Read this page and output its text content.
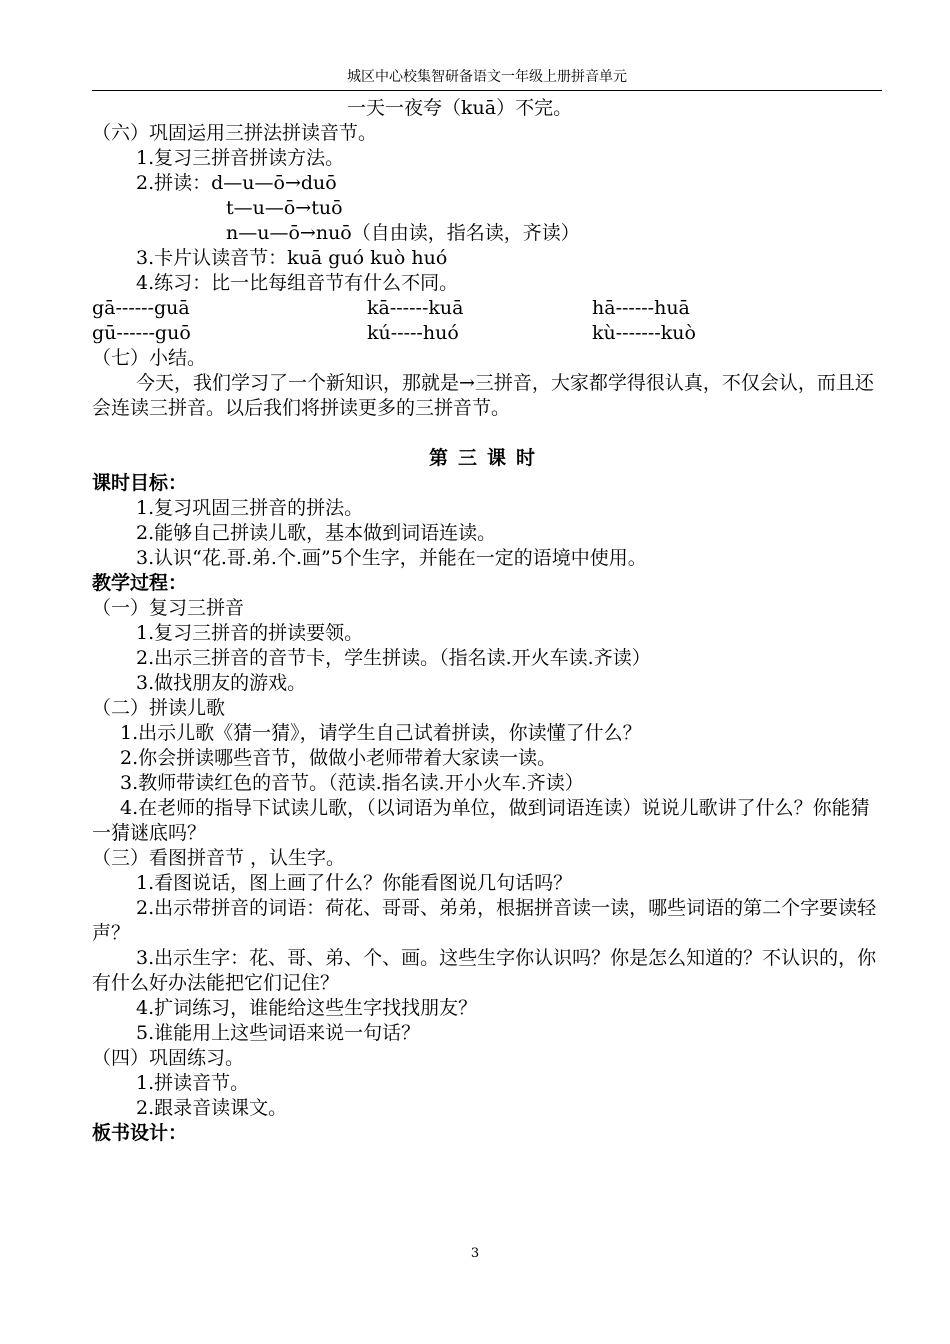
城区中心校集智研备语文一年级上册拼音单元
一天一夜夸（kuā）不完。
（六）巩固运用三拼法拼读音节。
1.复习三拼音拼读方法。
2.拼读：d—u—ō→duō
t—u—ō→tuō
n—u—ō→nuō（自由读，指名读，齐读）
3.卡片认读音节：kuā guó kuò huó
4.练习：比一比每组音节有什么不同。
gā------guā	kā------kuā	hā------huā
gū------guō	kú-----huó	kù-------kuò
（七）小结。
今天，我们学习了一个新知识，那就是→三拼音，大家都学得很认真，不仅会认，而且还会连读三拼音。以后我们将拼读更多的三拼音节。
第三课时
课时目标：
1.复习巩固三拼音的拼法。
2.能够自己拼读儿歌，基本做到词语连读。
3.认识“花.哥.弟.个.画”5个生字，并能在一定的语境中使用。
教学过程：
（一）复习三拼音
1.复习三拼音的拼读要领。
2.出示三拼音的音节卡，学生拼读。（指名读.开火车读.齐读）
3.做找朋友的游戏。
（二）拼读儿歌
1.出示儿歌《猜一猜》，请学生自己试着拼读，你读懂了什么？
2.你会拼读哪些音节，做做小老师带着大家读一读。
3.教师带读红色的音节。（范读.指名读.开小火车.齐读）
4.在老师的指导下试读儿歌，（以词语为单位，做到词语连读）说说儿歌讲了什么？你能猜一猜谜底吗？
（三）看图拼音节 ，认生字。
1.看图说话，图上画了什么？你能看图说几句话吗？
2.出示带拼音的词语：荷花、哥哥、弟弟，根据拼音读一读，哪些词语的第二个字要读轻声？
3.出示生字：花、哥、弟、个、画。这些生字你认识吗？你是怎么知道的？不认识的，你有什么好办法能把它们记住？
4.扩词练习，谁能给这些生字找找朋友？
5.谁能用上这些词语来说一句话？
（四）巩固练习。
1.拼读音节。
2.跟录音读课文。
板书设计：
3
